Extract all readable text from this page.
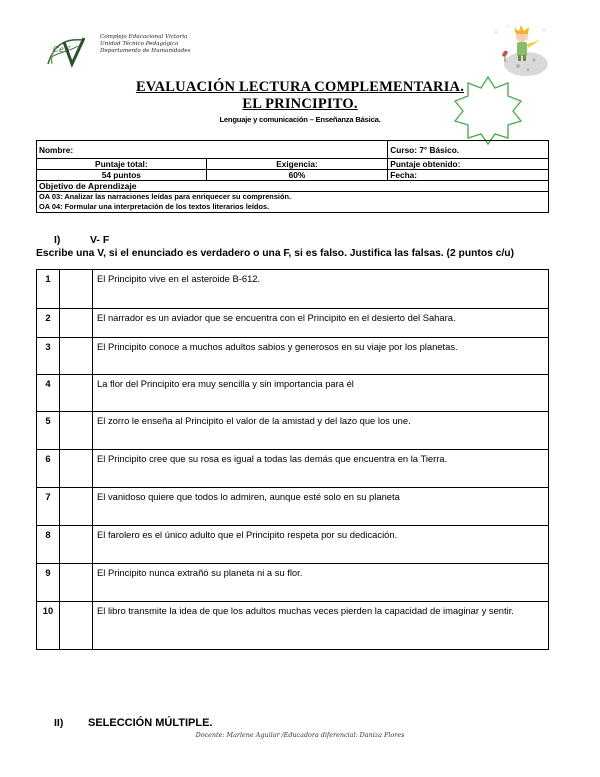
CeV
Complejo Educacional Victoria
Unidad Técnico Pedagógica
Departamento de Humanidades
EVALUACIÓN LECTURA COMPLEMENTARIA.
EL PRINCIPITO.
Lenguaje y comunicación – Enseñanza Básica.
Nombre:		Curso: 7° Básico.
Puntaje total:	Exigencia:	Puntaje obtenido:
54 puntos	60%	Fecha:
Objetivo de Aprendizaje		

OA 03: Analizar las narraciones leídas para enriquecer su comprensión.
OA 04: Formular una interpretación de los textos literarios leídos.		
I)	V- F
Escribe una V, si el enunciado es verdadero o una F, si es falso. Justifica las falsas. (2 puntos c/u)
1		El Principito vive en el asteroide B-612.
2		El narrador es un aviador que se encuentra con el Principito en el desierto del Sahara.
3		El Principito conoce a muchos adultos sabios y generosos en su viaje por los planetas.
4		La flor del Principito era muy sencilla y sin importancia para él
5		El zorro le enseña al Principito el valor de la amistad y del lazo que los une.
6		El Principito cree que su rosa es igual a todas las demás que encuentra en la Tierra.
7		El vanidoso quiere que todos lo admiren, aunque esté solo en su planeta
8		El farolero es el único adulto que el Principito respeta por su dedicación.
9		El Principito nunca extrañó su planeta ni a su flor.
10		El libro transmite la idea de que los adultos muchas veces pierden la capacidad de imaginar y sentir.
II) SELECCIÓN MÚLTIPLE.
Docente: Marlene Aguilar /Educadora diferencial: Daniza Flores
